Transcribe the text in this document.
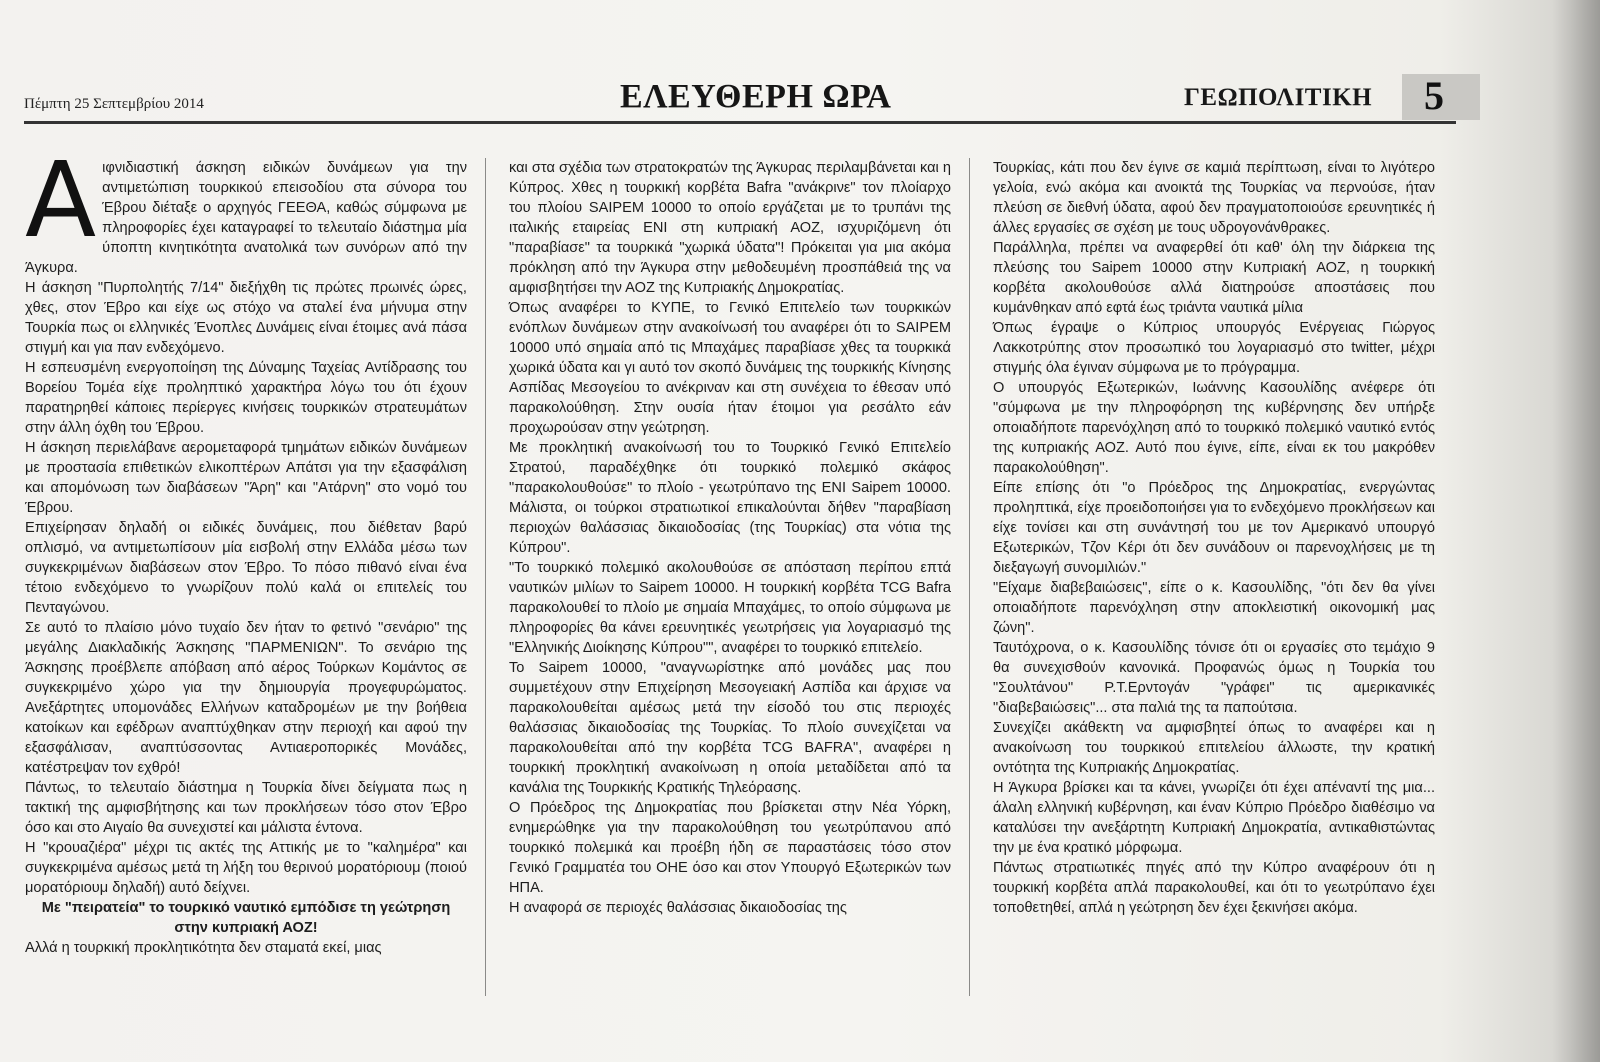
Πέμπτη 25 Σεπτεμβρίου 2014	ΕΛΕΥΘΕΡΗ ΩΡΑ	ΓΕΩΠΟΛΙΤΙΚΗ 5
Α ιφνιδιαστική άσκηση ειδικών δυνάμεων για την αντιμετώπιση τουρκικού επεισοδίου στα σύνορα του Έβρου διέταξε ο αρχηγός ΓΕΕΘΑ, καθώς σύμφωνα με πληροφορίες έχει καταγραφεί το τελευταίο διάστημα μία ύποπτη κινητικότητα ανατολικά των συνόρων από την Άγκυρα.

Η άσκηση "Πυρπολητής 7/14" διεξήχθη τις πρώτες πρωινές ώρες, χθες, στον Έβρο και είχε ως στόχο να σταλεί ένα μήνυμα στην Τουρκία πως οι ελληνικές Ένοπλες Δυνάμεις είναι έτοιμες ανά πάσα στιγμή και για παν ενδεχόμενο.

Η εσπευσμένη ενεργοποίηση της Δύναμης Ταχείας Αντίδρασης του Βορείου Τομέα είχε προληπτικό χαρακτήρα λόγω του ότι έχουν παρατηρηθεί κάποιες περίεργες κινήσεις τουρκικών στρατευμάτων στην άλλη όχθη του Έβρου.

Η άσκηση περιελάβανε αερομεταφορά τμημάτων ειδικών δυνάμεων με προστασία επιθετικών ελικοπτέρων Απάτσι για την εξασφάλιση και απομόνωση των διαβάσεων "Άρη" και "Ατάρνη" στο νομό του Έβρου.

Επιχείρησαν δηλαδή οι ειδικές δυνάμεις, που διέθεταν βαρύ οπλισμό, να αντιμετωπίσουν μία εισβολή στην Ελλάδα μέσω των συγκεκριμένων διαβάσεων στον Έβρο. Το πόσο πιθανό είναι ένα τέτοιο ενδεχόμενο το γνωρίζουν πολύ καλά οι επιτελείς του Πενταγώνου.

Σε αυτό το πλαίσιο μόνο τυχαίο δεν ήταν το φετινό "σενάριο" της μεγάλης Διακλαδικής Άσκησης "ΠΑΡΜΕΝΙΩΝ". Το σενάριο της Άσκησης προέβλεπε απόβαση από αέρος Τούρκων Κομάντος σε συγκεκριμένο χώρο για την δημιουργία προγεφυρώματος. Ανεξάρτητες υπομονάδες Ελλήνων καταδρομέων με την βοήθεια κατοίκων και εφέδρων αναπτύχθηκαν στην περιοχή και αφού την εξασφάλισαν, αναπτύσσοντας Αντιαεροπορικές Μονάδες, κατέστρεψαν τον εχθρό!

Πάντως, το τελευταίο διάστημα η Τουρκία δίνει δείγματα πως η τακτική της αμφισβήτησης και των προκλήσεων τόσο στον Έβρο όσο και στο Αιγαίο θα συνεχιστεί και μάλιστα έντονα.

Η "κρουαζιέρα" μέχρι τις ακτές της Αττικής με το "καλημέρα" και συγκεκριμένα αμέσως μετά τη λήξη του θερινού μορατόριουμ (ποιού μορατόριουμ δηλαδή) αυτό δείχνει.

Με "πειρατεία" το τουρκικό ναυτικό εμπόδισε τη γεώτρηση στην κυπριακή ΑΟΖ!

Αλλά η τουρκική προκλητικότητα δεν σταματά εκεί, μιας

και στα σχέδια των στρατοκρατών της Άγκυρας περιλαμβάνεται και η Κύπρος. Χθες η τουρκική κορβέτα Bafra "ανάκρινε" τον πλοίαρχο του πλοίου SAIPEM 10000 το οποίο εργάζεται με το τρυπάνι της ιταλικής εταιρείας ENI στη κυπριακή ΑΟΖ, ισχυριζόμενη ότι "παραβίασε" τα τουρκικά "χωρικά ύδατα"! Πρόκειται για μια ακόμα πρόκληση από την Άγκυρα στην μεθοδευμένη προσπάθειά της να αμφισβητήσει την ΑΟΖ της Κυπριακής Δημοκρατίας.

Όπως αναφέρει το ΚΥΠΕ, το Γενικό Επιτελείο των τουρκικών ενόπλων δυνάμεων στην ανακοίνωσή του αναφέρει ότι το SAIPEM 10000 υπό σημαία από τις Μπαχάμες παραβίασε χθες τα τουρκικά χωρικά ύδατα και γι αυτό τον σκοπό δυνάμεις της τουρκικής Κίνησης Ασπίδας Μεσογείου το ανέκριναν και στη συνέχεια το έθεσαν υπό παρακολούθηση. Στην ουσία ήταν έτοιμοι για ρεσάλτο εάν προχωρούσαν στην γεώτρηση.

Με προκλητική ανακοίνωσή του το Τουρκικό Γενικό Επιτελείο Στρατού, παραδέχθηκε ότι τουρκικό πολεμικό σκάφος "παρακολουθούσε" το πλοίο - γεωτρύπανο της ENI Saipem 10000. Μάλιστα, οι τούρκοι στρατιωτικοί επικαλούνται δήθεν "παραβίαση περιοχών θαλάσσιας δικαιοδοσίας (της Τουρκίας) στα νότια της Κύπρου".

"Το τουρκικό πολεμικό ακολουθούσε σε απόσταση περίπου επτά ναυτικών μιλίων το Saipem 10000. Η τουρκική κορβέτα TCG Bafra παρακολουθεί το πλοίο με σημαία Μπαχάμες, το οποίο σύμφωνα με πληροφορίες θα κάνει ερευνητικές γεωτρήσεις για λογαριασμό της "Ελληνικής Διοίκησης Κύπρου"", αναφέρει το τουρκικό επιτελείο.

Το Saipem 10000, "αναγνωρίστηκε από μονάδες μας που συμμετέχουν στην Επιχείρηση Μεσογειακή Ασπίδα και άρχισε να παρακολουθείται αμέσως μετά την είσοδό του στις περιοχές θαλάσσιας δικαιοδοσίας της Τουρκίας. Το πλοίο συνεχίζεται να παρακολουθείται από την κορβέτα TCG BAFRA", αναφέρει η τουρκική προκλητική ανακοίνωση η οποία μεταδίδεται από τα κανάλια της Τουρκικής Κρατικής Τηλεόρασης.

Ο Πρόεδρος της Δημοκρατίας που βρίσκεται στην Νέα Υόρκη, ενημερώθηκε για την παρακολούθηση του γεωτρύπανου από τουρκικό πολεμικά και προέβη ήδη σε παραστάσεις τόσο στον Γενικό Γραμματέα του ΟΗΕ όσο και στον Υπουργό Εξωτερικών των ΗΠΑ.

Η αναφορά σε περιοχές θαλάσσιας δικαιοδοσίας της

Τουρκίας, κάτι που δεν έγινε σε καμιά περίπτωση, είναι το λιγότερο γελοία, ενώ ακόμα και ανοικτά της Τουρκίας να περνούσε, ήταν πλεύση σε διεθνή ύδατα, αφού δεν πραγματοποιούσε ερευνητικές ή άλλες εργασίες σε σχέση με τους υδρογονάνθρακες.

Παράλληλα, πρέπει να αναφερθεί ότι καθ' όλη την διάρκεια της πλεύσης του Saipem 10000 στην Κυπριακή ΑΟΖ, η τουρκική κορβέτα ακολουθούσε αλλά διατηρούσε αποστάσεις που κυμάνθηκαν από εφτά έως τριάντα ναυτικά μίλια

Όπως έγραψε ο Κύπριος υπουργός Ενέργειας Γιώργος Λακκοτρύπης στον προσωπικό του λογαριασμό στο twitter, μέχρι στιγμής όλα έγιναν σύμφωνα με το πρόγραμμα.

Ο υπουργός Εξωτερικών, Ιωάννης Κασουλίδης ανέφερε ότι "σύμφωνα με την πληροφόρηση της κυβέρνησης δεν υπήρξε οποιαδήποτε παρενόχληση από το τουρκικό πολεμικό ναυτικό εντός της κυπριακής ΑΟΖ. Αυτό που έγινε, είπε, είναι εκ του μακρόθεν παρακολούθηση".

Είπε επίσης ότι "ο Πρόεδρος της Δημοκρατίας, ενεργώντας προληπτικά, είχε προειδοποιήσει για το ενδεχόμενο προκλήσεων και είχε τονίσει και στη συνάντησή του με τον Αμερικανό υπουργό Εξωτερικών, Τζον Κέρι ότι δεν συνάδουν οι παρενοχλήσεις με τη διεξαγωγή συνομιλιών."

"Είχαμε διαβεβαιώσεις", είπε ο κ. Κασουλίδης, "ότι δεν θα γίνει οποιαδήποτε παρενόχληση στην αποκλειστική οικονομική μας ζώνη".

Ταυτόχρονα, ο κ. Κασουλίδης τόνισε ότι οι εργασίες στο τεμάχιο 9 θα συνεχισθούν κανονικά. Προφανώς όμως η Τουρκία του "Σουλτάνου" Ρ.Τ.Ερντογάν "γράφει" τις αμερικανικές "διαβεβαιώσεις"... στα παλιά της τα παπούτσια.

Συνεχίζει ακάθεκτη να αμφισβητεί όπως το αναφέρει και η ανακοίνωση του τουρκικού επιτελείου άλλωστε, την κρατική οντότητα της Κυπριακής Δημοκρατίας.

Η Άγκυρα βρίσκει και τα κάνει, γνωρίζει ότι έχει απέναντί της μια... άλαλη ελληνική κυβέρνηση, και έναν Κύπριο Πρόεδρο διαθέσιμο να καταλύσει την ανεξάρτητη Κυπριακή Δημοκρατία, αντικαθιστώντας την με ένα κρατικό μόρφωμα.

Πάντως στρατιωτικές πηγές από την Κύπρο αναφέρουν ότι η τουρκική κορβέτα απλά παρακολουθεί, και ότι το γεωτρύπανο έχει τοποθετηθεί, απλά η γεώτρηση δεν έχει ξεκινήσει ακόμα.
